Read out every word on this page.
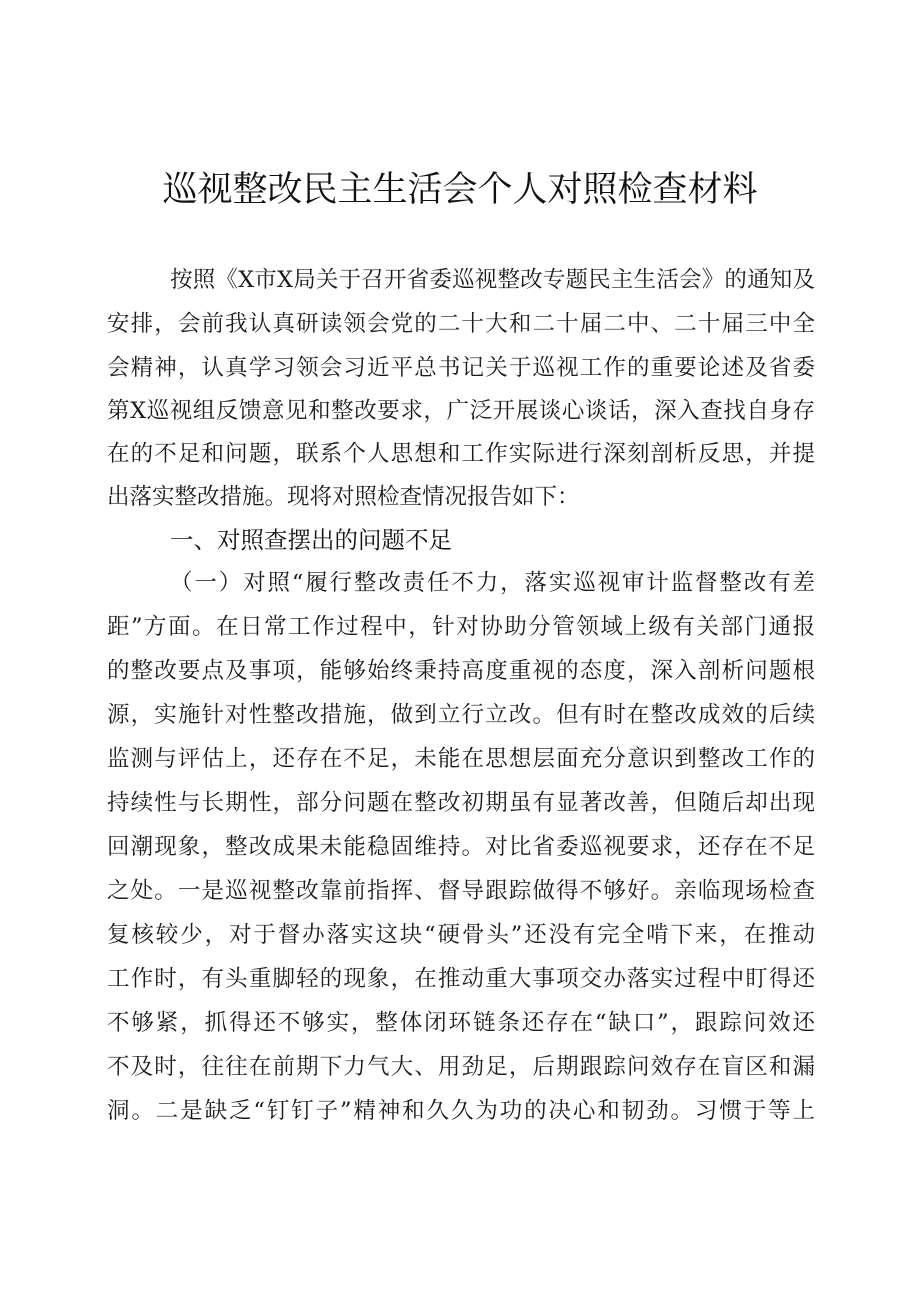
巡视整改民主生活会个人对照检查材料
按照《X市X局关于召开省委巡视整改专题民主生活会》的通知及
安排，会前我认真研读领会党的二十大和二十届二中、二十届三中全
会精神，认真学习领会习近平总书记关于巡视工作的重要论述及省委
第X巡视组反馈意见和整改要求，广泛开展谈心谈话，深入查找自身存
在的不足和问题，联系个人思想和工作实际进行深刻剖析反思，并提
出落实整改措施。现将对照检查情况报告如下：
一、对照查摆出的问题不足
（一）对照“履行整改责任不力，落实巡视审计监督整改有差
距”方面。在日常工作过程中，针对协助分管领域上级有关部门通报
的整改要点及事项，能够始终秉持高度重视的态度，深入剖析问题根
源，实施针对性整改措施，做到立行立改。但有时在整改成效的后续
监测与评估上，还存在不足，未能在思想层面充分意识到整改工作的
持续性与长期性，部分问题在整改初期虽有显著改善，但随后却出现
回潮现象，整改成果未能稳固维持。对比省委巡视要求，还存在不足
之处。一是巡视整改靠前指挥、督导跟踪做得不够好。亲临现场检查
复核较少，对于督办落实这块“硬骨头”还没有完全啃下来，在推动
工作时，有头重脚轻的现象，在推动重大事项交办落实过程中盯得还
不够紧，抓得还不够实，整体闭环链条还存在“缺口”，跟踪问效还
不及时，往往在前期下力气大、用劲足，后期跟踪问效存在盲区和漏
洞。二是缺乏“钉钉子”精神和久久为功的决心和韧劲。习惯于等上
